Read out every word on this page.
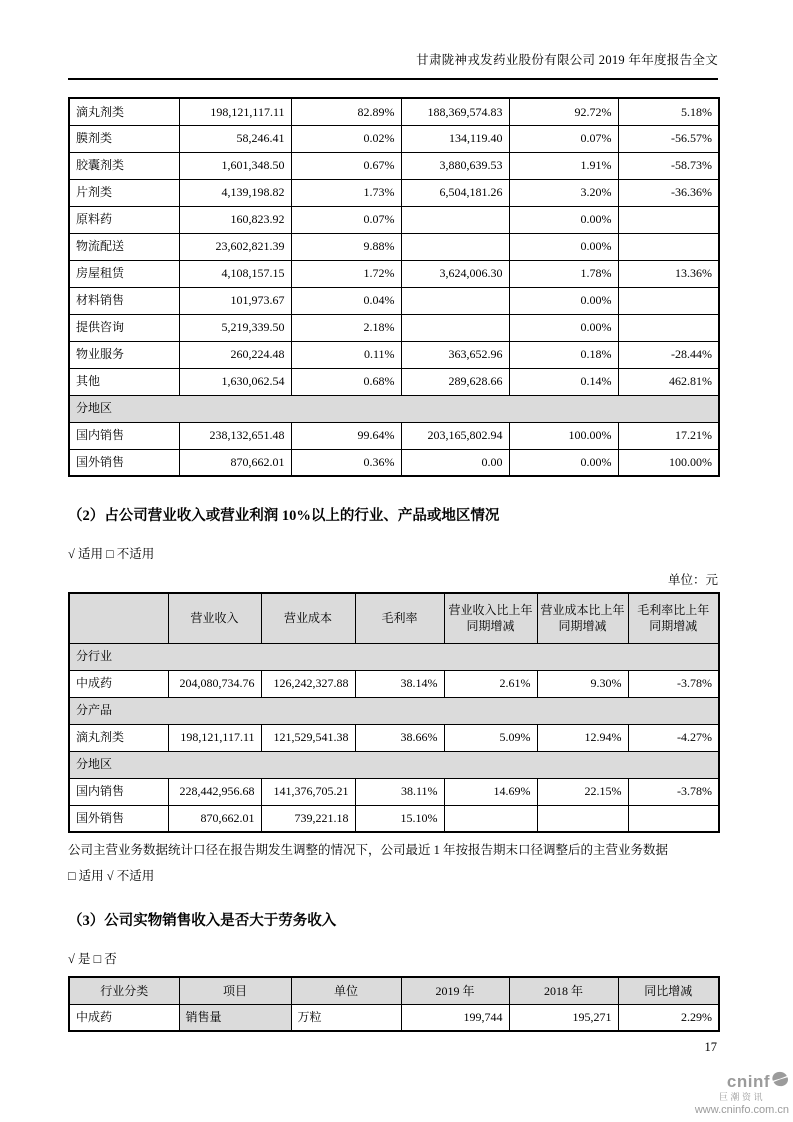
甘肃陇神戎发药业股份有限公司 2019 年年度报告全文
滴丸剂类	198,121,117.11	82.89%	188,369,574.83	92.72%	5.18%
膜剂类	58,246.41	0.02%	134,119.40	0.07%	-56.57%
胶囊剂类	1,601,348.50	0.67%	3,880,639.53	1.91%	-58.73%
片剂类	4,139,198.82	1.73%	6,504,181.26	3.20%	-36.36%
原料药	160,823.92	0.07%		0.00%	
物流配送	23,602,821.39	9.88%		0.00%	
房屋租赁	4,108,157.15	1.72%	3,624,006.30	1.78%	13.36%
材料销售	101,973.67	0.04%		0.00%	
提供咨询	5,219,339.50	2.18%		0.00%	
物业服务	260,224.48	0.11%	363,652.96	0.18%	-28.44%
其他	1,630,062.54	0.68%	289,628.66	0.14%	462.81%
分地区					
国内销售	238,132,651.48	99.64%	203,165,802.94	100.00%	17.21%
国外销售	870,662.01	0.36%	0.00	0.00%	100.00%
（2）占公司营业收入或营业利润 10%以上的行业、产品或地区情况

√ 适用 □ 不适用

单位：元

	营业收入	营业成本	毛利率	营业收入比上年同期增减	营业成本比上年同期增减	毛利率比上年同期增减
分行业						
中成药	204,080,734.76	126,242,327.88	38.14%	2.61%	9.30%	-3.78%
分产品						
滴丸剂类	198,121,117.11	121,529,541.38	38.66%	5.09%	12.94%	-4.27%
分地区						
国内销售	228,442,956.68	141,376,705.21	38.11%	14.69%	22.15%	-3.78%
国外销售	870,662.01	739,221.18	15.10%			

公司主营业务数据统计口径在报告期发生调整的情况下，公司最近 1 年按报告期末口径调整后的主营业务数据

□ 适用 √ 不适用

（3）公司实物销售收入是否大于劳务收入

√ 是 □ 否

行业分类	项目	单位	2019 年	2018 年	同比增减
中成药	销售量	万粒	199,744	195,271	2.29%
17
cninf
巨潮资讯
www.cninfo.com.cn
